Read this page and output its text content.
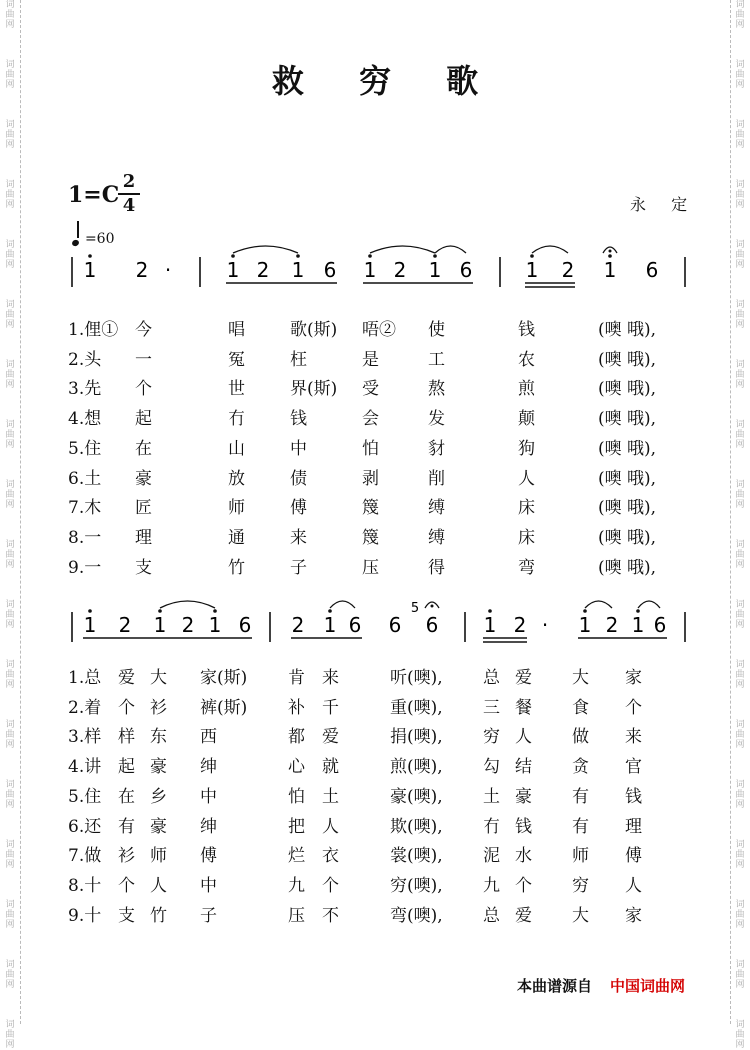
词
曲
网
词
曲
网
词
曲
网
词
曲
网
词
曲
网
词
曲
网
词
曲
网
词
曲
网
词
曲
网
词
曲
网
词
曲
网
词
曲
网
词
曲
网
词
曲
网
词
曲
网
词
曲
网
词
曲
网
词
曲
网
词
曲
网
词
曲
网
词
曲
网
词
曲
网
词
曲
网
词
曲
网
词
曲
网
词
曲
网
词
曲
网
词
曲
网
词
曲
网
词
曲
网
词
曲
网
词
曲
网
词
曲
网
词
曲
网
词
曲
网
词
曲
网
救 穷 歌
1=C
2
4	永 定
=60
1 2 ·	1 2 1 6 1 2 1 6	1 2 1 6
1.俚① 今	唱	歌(斯) 唔② 使	钱	(噢 哦),
2.头 一	冤	枉	是	工	农	(噢 哦),
3.先 个	世	界(斯) 受	熬	煎	(噢 哦),
4.想 起	冇	钱	会	发	颠	(噢 哦),
5.住 在	山	中	怕	豺	狗	(噢 哦),
6.土 豪	放	债	剥	削	人	(噢 哦),
7.木 匠	师	傅	篾	缚	床	(噢 哦),
8.一 理	通	来	篾	缚	床	(噢 哦),
9.一 支	竹	子	压	得	弯	(噢 哦),
1 2 1 2 1 6 2 1 6 6 6 1 2 · 1 2 1 6
5
1.总 爱 大 家(斯) 肯 来	听(噢), 总 爱 大 家
2.着 个 衫 裤(斯) 补 千	重(噢), 三 餐 食 个
3.样 样 东 西	都 爱	捐(噢), 穷 人 做 来
4.讲 起 豪 绅	心 就	煎(噢), 勾 结 贪 官
5.住 在 乡 中	怕 土	豪(噢), 土 豪 有 钱
6.还 有 豪 绅	把 人	欺(噢), 冇 钱 有 理
7.做 衫 师 傅	烂 衣	裳(噢), 泥 水 师 傅
8.十 个 人 中	九 个	穷(噢), 九 个 穷 人
9.十 支 竹 子	压 不	弯(噢), 总 爱 大 家
本曲谱源自 中国词曲网
